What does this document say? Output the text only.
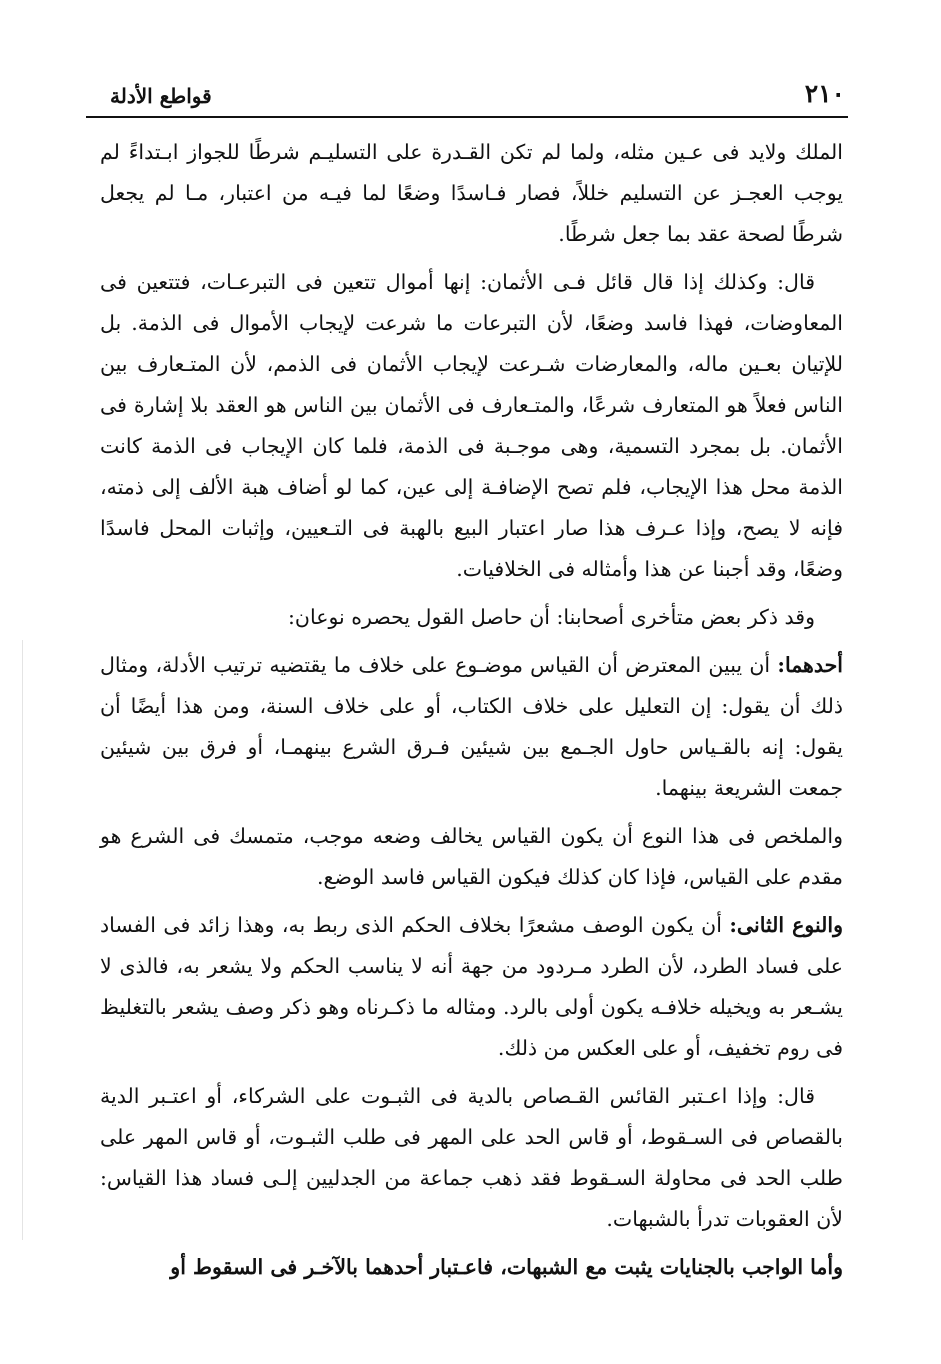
قواطع الأدلة	٢١٠

الملك ولايد فى عـين مثله، ولما لم تكن القـدرة على التسليـم شرطًا للجواز ابـتداءً لم يوجب العجـز عن التسليم خللاً، فصار فـاسدًا وضعًا لما فيـه من اعتبار، مـا لم يجعل شرطًا لصحة عقد بما جعل شرطًا.

قال: وكذلك إذا قال قائل فـى الأثمان: إنها أموال تتعين فى التبرعـات، فتتعين فى المعاوضات، فهذا فاسد وضعًا، لأن التبرعات ما شرعت لإيجاب الأموال فى الذمة. بل للإتيان بعـين ماله، والمعارضات شـرعت لإيجاب الأثمان فى الذمم، لأن المتـعارف بين الناس فعلاً هو المتعارف شرعًا، والمتـعارف فى الأثمان بين الناس هو العقد بلا إشارة فى الأثمان. بل بمجرد التسمية، وهى موجـبة فى الذمة، فلما كان الإيجاب فى الذمة كانت الذمة محل هذا الإيجاب، فلم تصح الإضافـة إلى عين، كما لو أضاف هبة الألف إلى ذمته، فإنه لا يصح، وإذا عـرف هذا صار اعتبار البيع بالهبة فى التـعيين، وإثبات المحل فاسدًا وضعًا، وقد أجبنا عن هذا وأمثاله فى الخلافيات.

وقد ذكر بعض متأخرى أصحابنا: أن حاصل القول يحصره نوعان:

أحدهما: أن يبين المعترض أن القياس موضـوع على خلاف ما يقتضيه ترتيب الأدلة، ومثال ذلك أن يقول: إن التعليل على خلاف الكتاب، أو على خلاف السنة، ومن هذا أيضًا أن يقول: إنه بالقـياس حاول الجـمع بين شيئين فـرق الشرع بينهمـا، أو فرق بين شيئين جمعت الشريعة بينهما.

والملخص فى هذا النوع أن يكون القياس يخالف وضعه موجب، متمسك فى الشرع هو مقدم على القياس، فإذا كان كذلك فيكون القياس فاسد الوضع.

والنوع الثانى: أن يكون الوصف مشعرًا بخلاف الحكم الذى ربط به، وهذا زائد فى الفساد على فساد الطرد، لأن الطرد مـردود من جهة أنه لا يناسب الحكم ولا يشعر به، فالذى لا يشـعر به ويخيله خلافـه يكون أولى بالرد. ومثاله ما ذكـرناه وهو ذكر وصف يشعر بالتغليظ فى روم تخفيف، أو على العكس من ذلك.

قال: وإذا اعـتبر القائس القـصاص بالدية فى الثبـوت على الشركاء، أو اعتـبر الدية بالقصاص فى السـقوط، أو قاس الحد على المهر فى طلب الثبـوت، أو قاس المهر على طلب الحد فى محاولة السـقوط فقد ذهب جماعة من الجدليين إلـى فساد هذا القياس: لأن العقوبات تدرأ بالشبهات.

وأما الواجب بالجنايات يثبت مع الشبهات، فاعـتبار أحدهما بالآخـر فى السقوط أو
